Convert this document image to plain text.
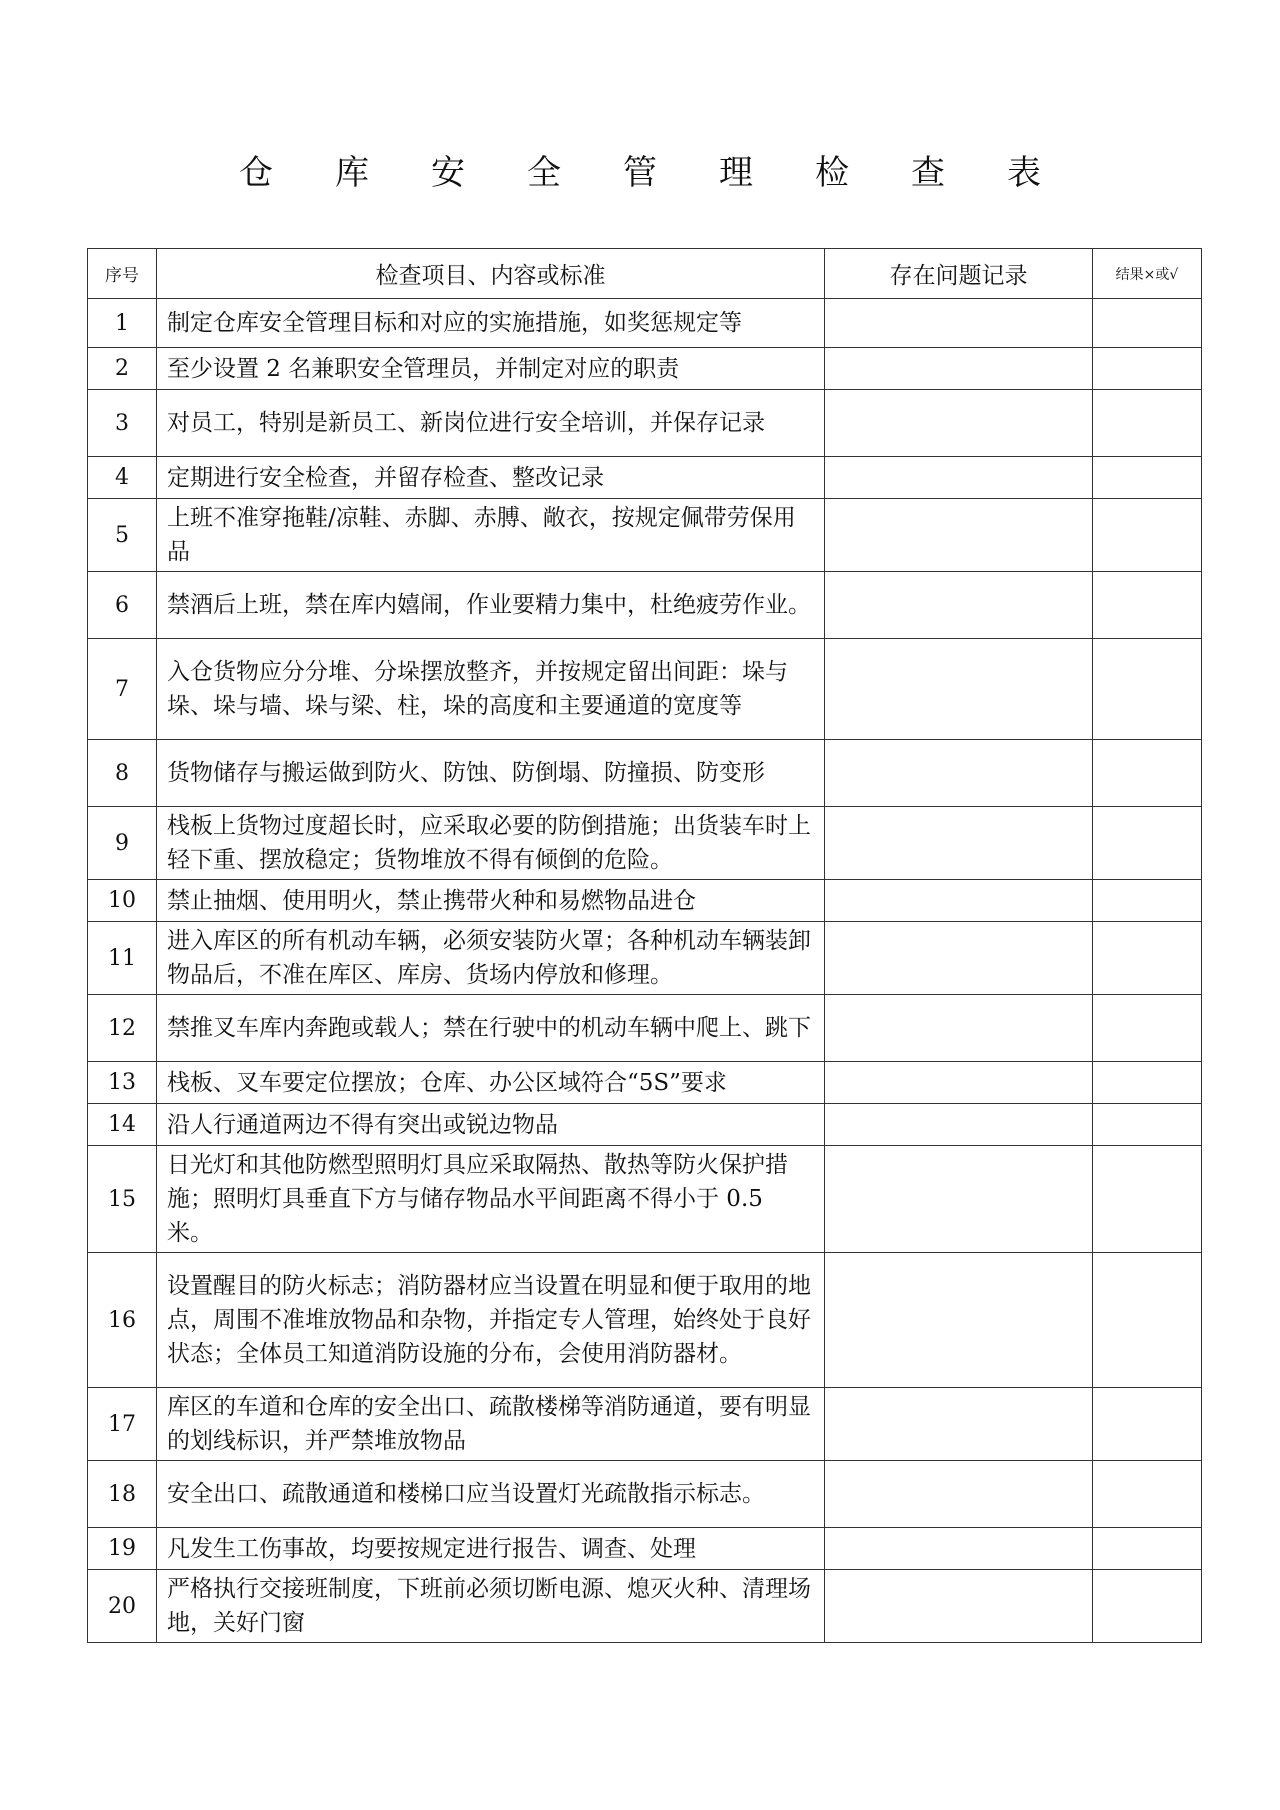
仓 库 安 全 管 理 检 查 表
序号	检查项目、内容或标准	存在问题记录	结果×或√
1	制定仓库安全管理目标和对应的实施措施，如奖惩规定等		
2	至少设置 2 名兼职安全管理员，并制定对应的职责		
3	对员工，特别是新员工、新岗位进行安全培训，并保存记录		
4	定期进行安全检查，并留存检查、整改记录		
5	上班不准穿拖鞋/凉鞋、赤脚、赤膊、敞衣，按规定佩带劳保用品		
6	禁酒后上班，禁在库内嬉闹，作业要精力集中，杜绝疲劳作业。		
7	入仓货物应分分堆、分垛摆放整齐，并按规定留出间距：垛与垛、垛与墙、垛与梁、柱，垛的高度和主要通道的宽度等		
8	货物储存与搬运做到防火、防蚀、防倒塌、防撞损、防变形		
9	栈板上货物过度超长时，应采取必要的防倒措施；出货装车时上轻下重、摆放稳定；货物堆放不得有倾倒的危险。		
10	禁止抽烟、使用明火，禁止携带火种和易燃物品进仓		
11	进入库区的所有机动车辆，必须安装防火罩；各种机动车辆装卸物品后，不准在库区、库房、货场内停放和修理。		
12	禁推叉车库内奔跑或载人；禁在行驶中的机动车辆中爬上、跳下		
13	栈板、叉车要定位摆放；仓库、办公区域符合“5S”要求		
14	沿人行通道两边不得有突出或锐边物品		
15	日光灯和其他防燃型照明灯具应采取隔热、散热等防火保护措施；照明灯具垂直下方与储存物品水平间距离不得小于 0.5 米。		
16	设置醒目的防火标志；消防器材应当设置在明显和便于取用的地点，周围不准堆放物品和杂物，并指定专人管理，始终处于良好状态；全体员工知道消防设施的分布，会使用消防器材。		
17	库区的车道和仓库的安全出口、疏散楼梯等消防通道，要有明显的划线标识，并严禁堆放物品		
18	安全出口、疏散通道和楼梯口应当设置灯光疏散指示标志。		
19	凡发生工伤事故，均要按规定进行报告、调查、处理		
20	严格执行交接班制度，下班前必须切断电源、熄灭火种、清理场地，关好门窗		
